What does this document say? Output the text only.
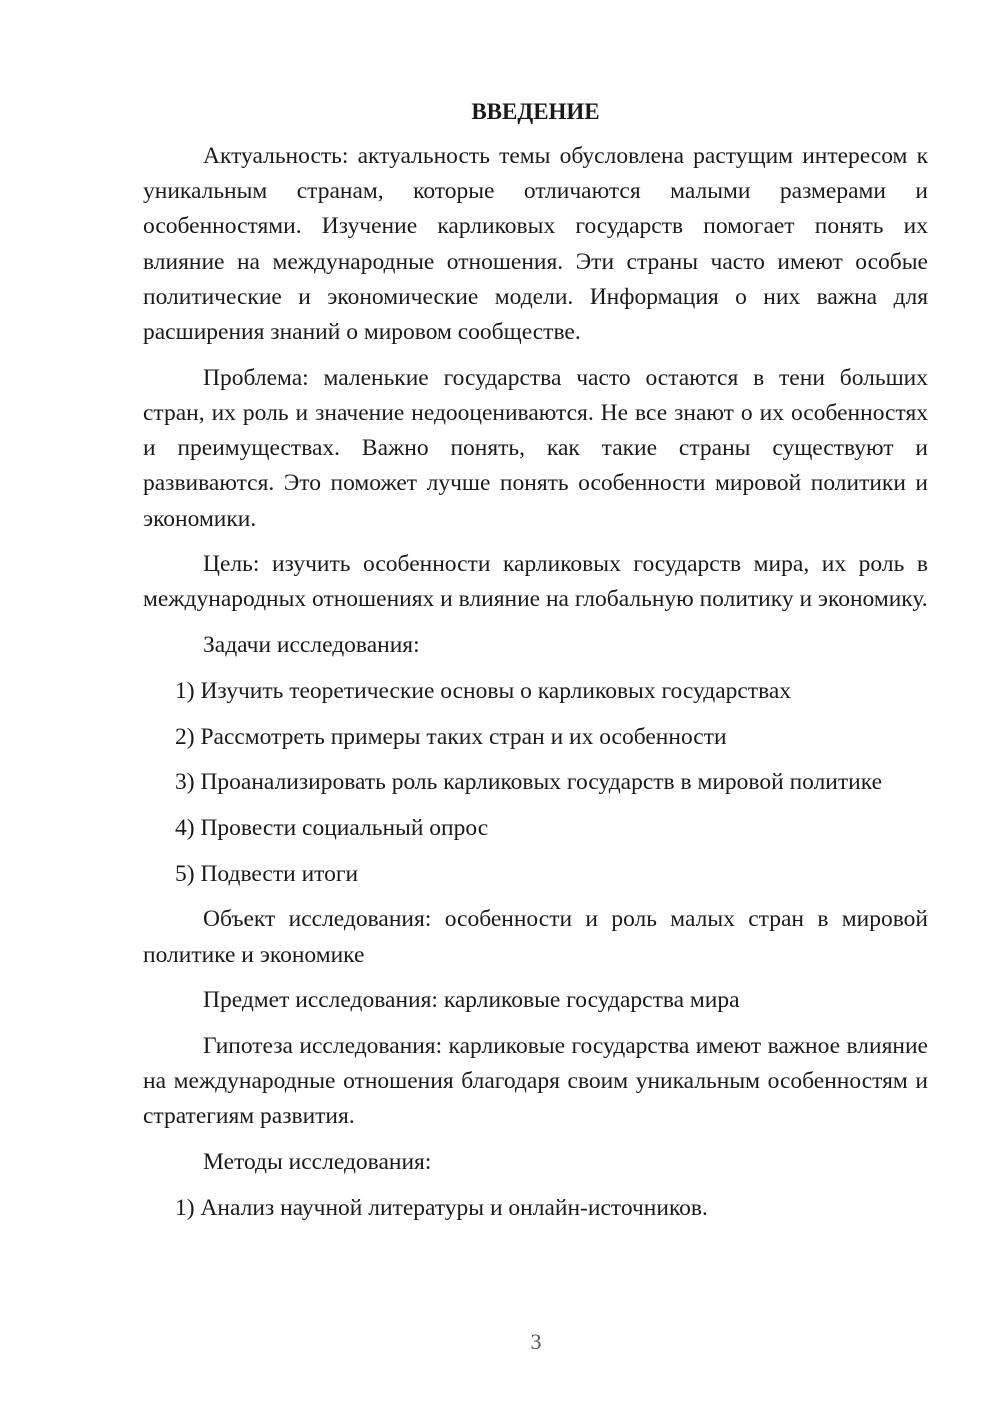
ВВЕДЕНИЕ

Актуальность: актуальность темы обусловлена растущим интересом к уникальным странам, которые отличаются малыми размерами и особенностями. Изучение карликовых государств помогает понять их влияние на международные отношения. Эти страны часто имеют особые политические и экономические модели. Информация о них важна для расширения знаний о мировом сообществе.

Проблема: маленькие государства часто остаются в тени больших стран, их роль и значение недооцениваются. Не все знают о их особенностях и преимуществах. Важно понять, как такие страны существуют и развиваются. Это поможет лучше понять особенности мировой политики и экономики.

Цель: изучить особенности карликовых государств мира, их роль в международных отношениях и влияние на глобальную политику и экономику.

Задачи исследования:

1) Изучить теоретические основы о карликовых государствах

2) Рассмотреть примеры таких стран и их особенности

3) Проанализировать роль карликовых государств в мировой политике

4) Провести социальный опрос

5) Подвести итоги

Объект исследования: особенности и роль малых стран в мировой политике и экономике

Предмет исследования: карликовые государства мира

Гипотеза исследования: карликовые государства имеют важное влияние на международные отношения благодаря своим уникальным особенностям и стратегиям развития.

Методы исследования:

1) Анализ научной литературы и онлайн-источников.

3
